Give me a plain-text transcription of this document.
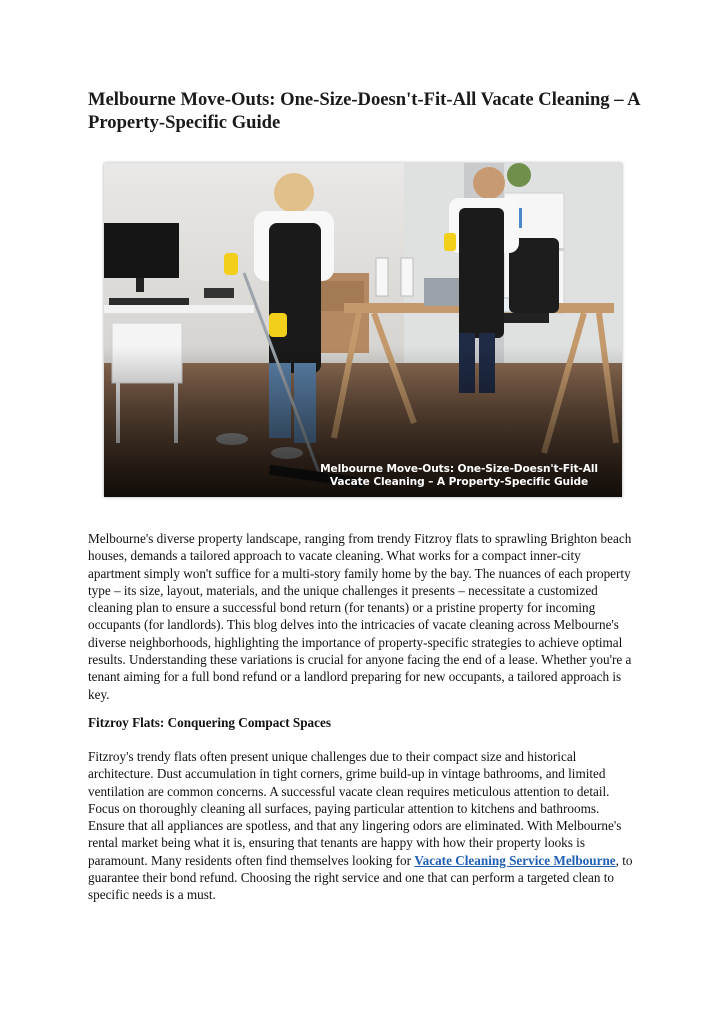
Melbourne Move-Outs: One-Size-Doesn't-Fit-All Vacate Cleaning – A Property-Specific Guide
Melbourne Move-Outs: One-Size-Doesn't-Fit-All
Vacate Cleaning – A Property-Specific Guide

Melbourne's diverse property landscape, ranging from trendy Fitzroy flats to sprawling Brighton beach houses, demands a tailored approach to vacate cleaning. What works for a compact inner-city apartment simply won't suffice for a multi-story family home by the bay. The nuances of each property type – its size, layout, materials, and the unique challenges it presents – necessitate a customized cleaning plan to ensure a successful bond return (for tenants) or a pristine property for incoming occupants (for landlords). This blog delves into the intricacies of vacate cleaning across Melbourne's diverse neighborhoods, highlighting the importance of property-specific strategies to achieve optimal results. Understanding these variations is crucial for anyone facing the end of a lease. Whether you're a tenant aiming for a full bond refund or a landlord preparing for new occupants, a tailored approach is key.

Fitzroy Flats: Conquering Compact Spaces

Fitzroy's trendy flats often present unique challenges due to their compact size and historical architecture. Dust accumulation in tight corners, grime build-up in vintage bathrooms, and limited ventilation are common concerns. A successful vacate clean requires meticulous attention to detail. Focus on thoroughly cleaning all surfaces, paying particular attention to kitchens and bathrooms. Ensure that all appliances are spotless, and that any lingering odors are eliminated. With Melbourne's rental market being what it is, ensuring that tenants are happy with how their property looks is paramount. Many residents often find themselves looking for Vacate Cleaning Service Melbourne, to guarantee their bond refund. Choosing the right service and one that can perform a targeted clean to specific needs is a must.
